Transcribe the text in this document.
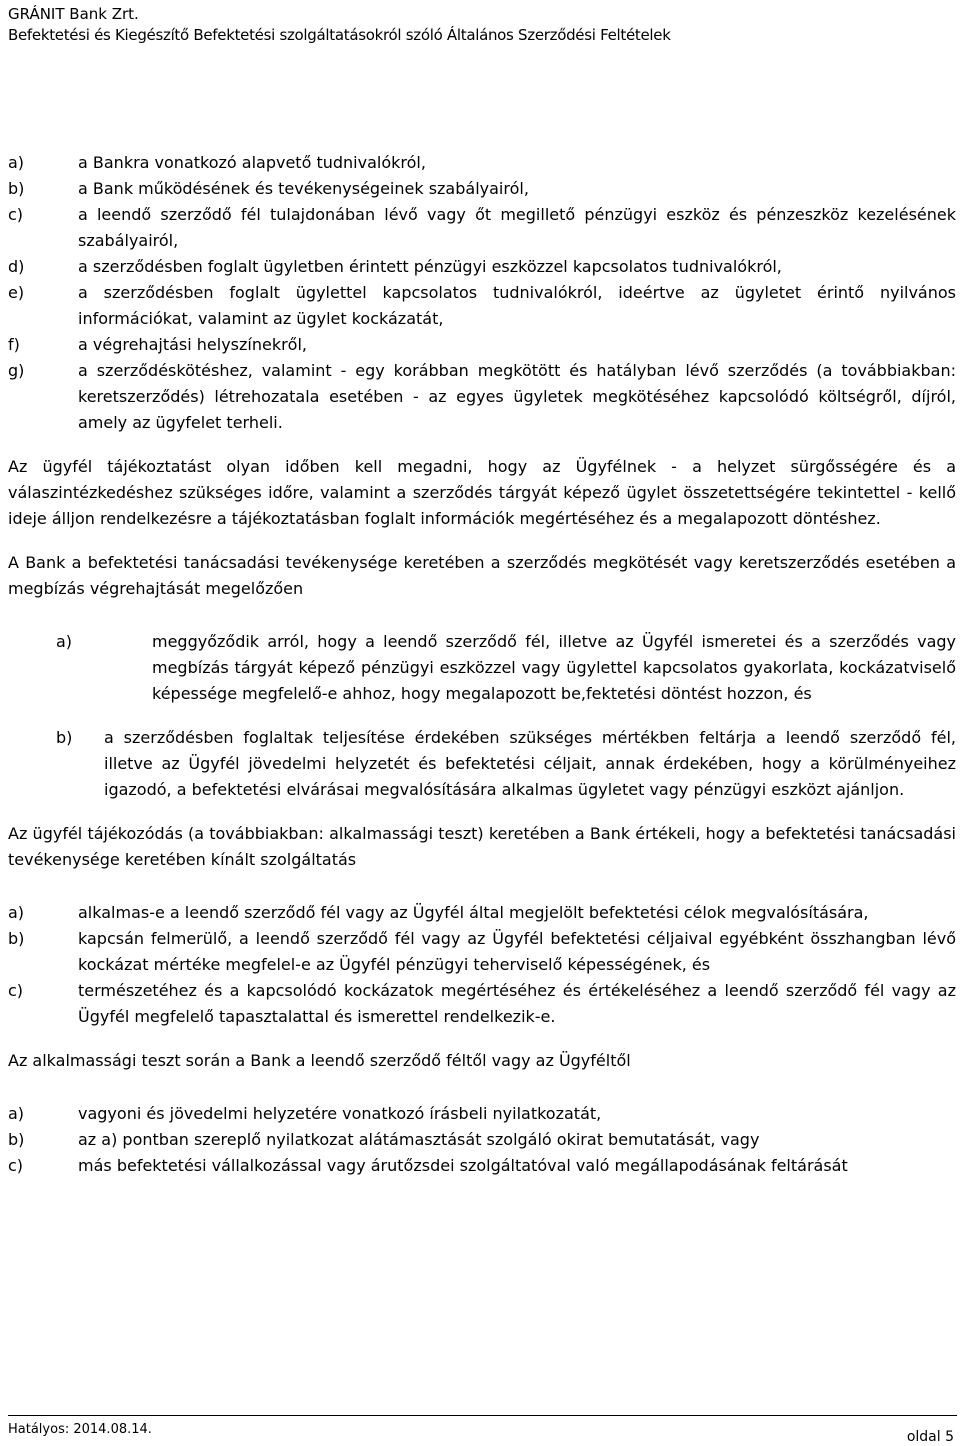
GRÁNIT Bank Zrt.
Befektetési és Kiegészítő Befektetési szolgáltatásokról szóló Általános Szerződési Feltételek
a)	a Bankra vonatkozó alapvető tudnivalókról,
b)	a Bank működésének és tevékenységeinek szabályairól,
c)	a leendő szerződő fél tulajdonában lévő vagy őt megillető pénzügyi eszköz és pénzeszköz kezelésének szabályairól,
d)	a szerződésben foglalt ügyletben érintett pénzügyi eszközzel kapcsolatos tudnivalókról,
e)	a szerződésben foglalt ügylettel kapcsolatos tudnivalókról, ideértve az ügyletet érintő nyilvános információkat, valamint az ügylet kockázatát,
f)	a végrehajtási helyszínekről,
g)	a szerződéskötéshez, valamint - egy korábban megkötött és hatályban lévő szerződés (a továbbiakban: keretszerződés) létrehozatala esetében - az egyes ügyletek megkötéséhez kapcsolódó költségről, díjról, amely az ügyfelet terheli.

Az ügyfél tájékoztatást olyan időben kell megadni, hogy az Ügyfélnek - a helyzet sürgősségére és a válaszintézkedéshez szükséges időre, valamint a szerződés tárgyát képező ügylet összetettségére tekintettel - kellő ideje álljon rendelkezésre a tájékoztatásban foglalt információk megértéséhez és a megalapozott döntéshez.

A Bank a befektetési tanácsadási tevékenysége keretében a szerződés megkötését vagy keretszerződés esetében a megbízás végrehajtását megelőzően

a)	meggyőződik arról, hogy a leendő szerződő fél, illetve az Ügyfél ismeretei és a szerződés vagy megbízás tárgyát képező pénzügyi eszközzel vagy ügylettel kapcsolatos gyakorlata, kockázatviselő képessége megfelelő-e ahhoz, hogy megalapozott be,fektetési döntést hozzon, és
b)	a szerződésben foglaltak teljesítése érdekében szükséges mértékben feltárja a leendő szerződő fél, illetve az Ügyfél jövedelmi helyzetét és befektetési céljait, annak érdekében, hogy a körülményeihez igazodó, a befektetési elvárásai megvalósítására alkalmas ügyletet vagy pénzügyi eszközt ajánljon.

Az ügyfél tájékozódás (a továbbiakban: alkalmassági teszt) keretében a Bank értékeli, hogy a befektetési tanácsadási tevékenysége keretében kínált szolgáltatás

a)	alkalmas-e a leendő szerződő fél vagy az Ügyfél által megjelölt befektetési célok megvalósítására,
b)	kapcsán felmerülő, a leendő szerződő fél vagy az Ügyfél befektetési céljaival egyébként összhangban lévő kockázat mértéke megfelel-e az Ügyfél pénzügyi teherviselő képességének, és
c)	természetéhez és a kapcsolódó kockázatok megértéséhez és értékeléséhez a leendő szerződő fél vagy az Ügyfél megfelelő tapasztalattal és ismerettel rendelkezik-e.

Az alkalmassági teszt során a Bank a leendő szerződő féltől vagy az Ügyféltől

a)	vagyoni és jövedelmi helyzetére vonatkozó írásbeli nyilatkozatát,
b)	az a) pontban szereplő nyilatkozat alátámasztását szolgáló okirat bemutatását, vagy
c)	más befektetési vállalkozással vagy árutőzsdei szolgáltatóval való megállapodásának feltárását
Hatályos: 2014.08.14.	oldal 5
